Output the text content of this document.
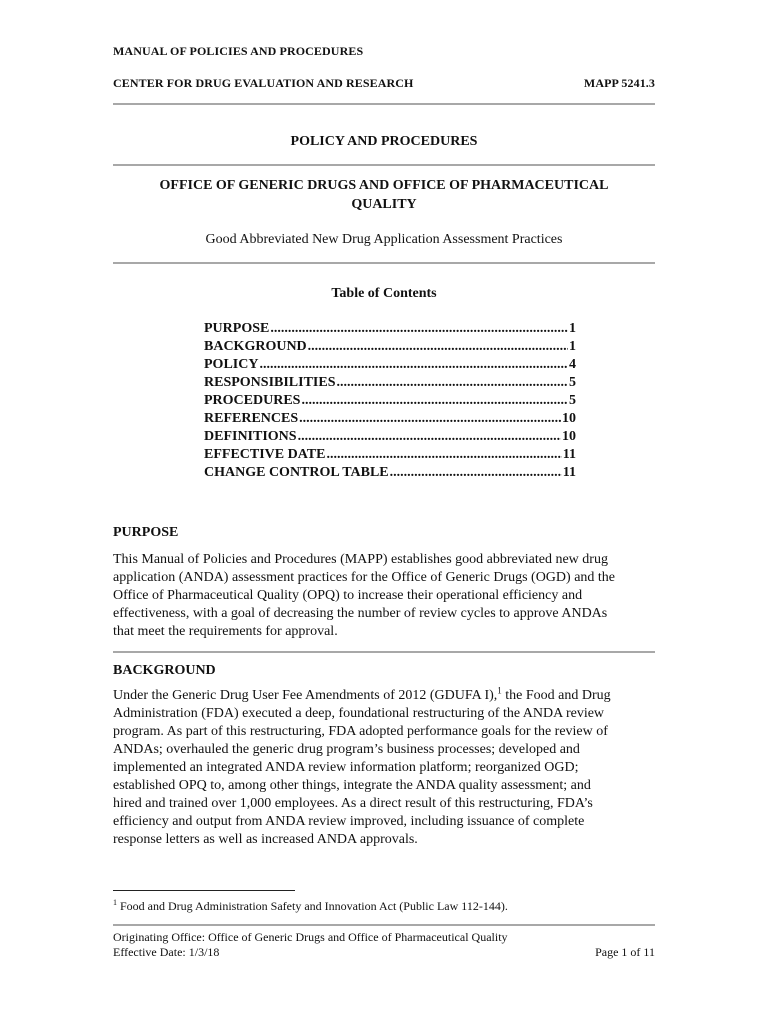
MANUAL OF POLICIES AND PROCEDURES
CENTER FOR DRUG EVALUATION AND RESEARCH	MAPP 5241.3
POLICY AND PROCEDURES
OFFICE OF GENERIC DRUGS AND OFFICE OF PHARMACEUTICAL
QUALITY
Good Abbreviated New Drug Application Assessment Practices
Table of Contents
PURPOSE .....	1
BACKGROUND .....	1
POLICY .....	4
RESPONSIBILITIES .....	5
PROCEDURES .....	5
REFERENCES .....	10
DEFINITIONS .....	10
EFFECTIVE DATE .....	11
CHANGE CONTROL TABLE .....	11
PURPOSE
This Manual of Policies and Procedures (MAPP) establishes good abbreviated new drug
application (ANDA) assessment practices for the Office of Generic Drugs (OGD) and the
Office of Pharmaceutical Quality (OPQ) to increase their operational efficiency and
effectiveness, with a goal of decreasing the number of review cycles to approve ANDAs
that meet the requirements for approval.
BACKGROUND
Under the Generic Drug User Fee Amendments of 2012 (GDUFA I),$^1$ the Food and Drug
Administration (FDA) executed a deep, foundational restructuring of the ANDA review
program. As part of this restructuring, FDA adopted performance goals for the review of
ANDAs; overhauled the generic drug program’s business processes; developed and
implemented an integrated ANDA review information platform; reorganized OGD;
established OPQ to, among other things, integrate the ANDA quality assessment; and
hired and trained over 1,000 employees. As a direct result of this restructuring, FDA’s
efficiency and output from ANDA review improved, including issuance of complete
response letters as well as increased ANDA approvals.
$^1$ Food and Drug Administration Safety and Innovation Act (Public Law 112-144).
Originating Office: Office of Generic Drugs and Office of Pharmaceutical Quality
Effective Date: 1/3/18	Page 1 of 11
